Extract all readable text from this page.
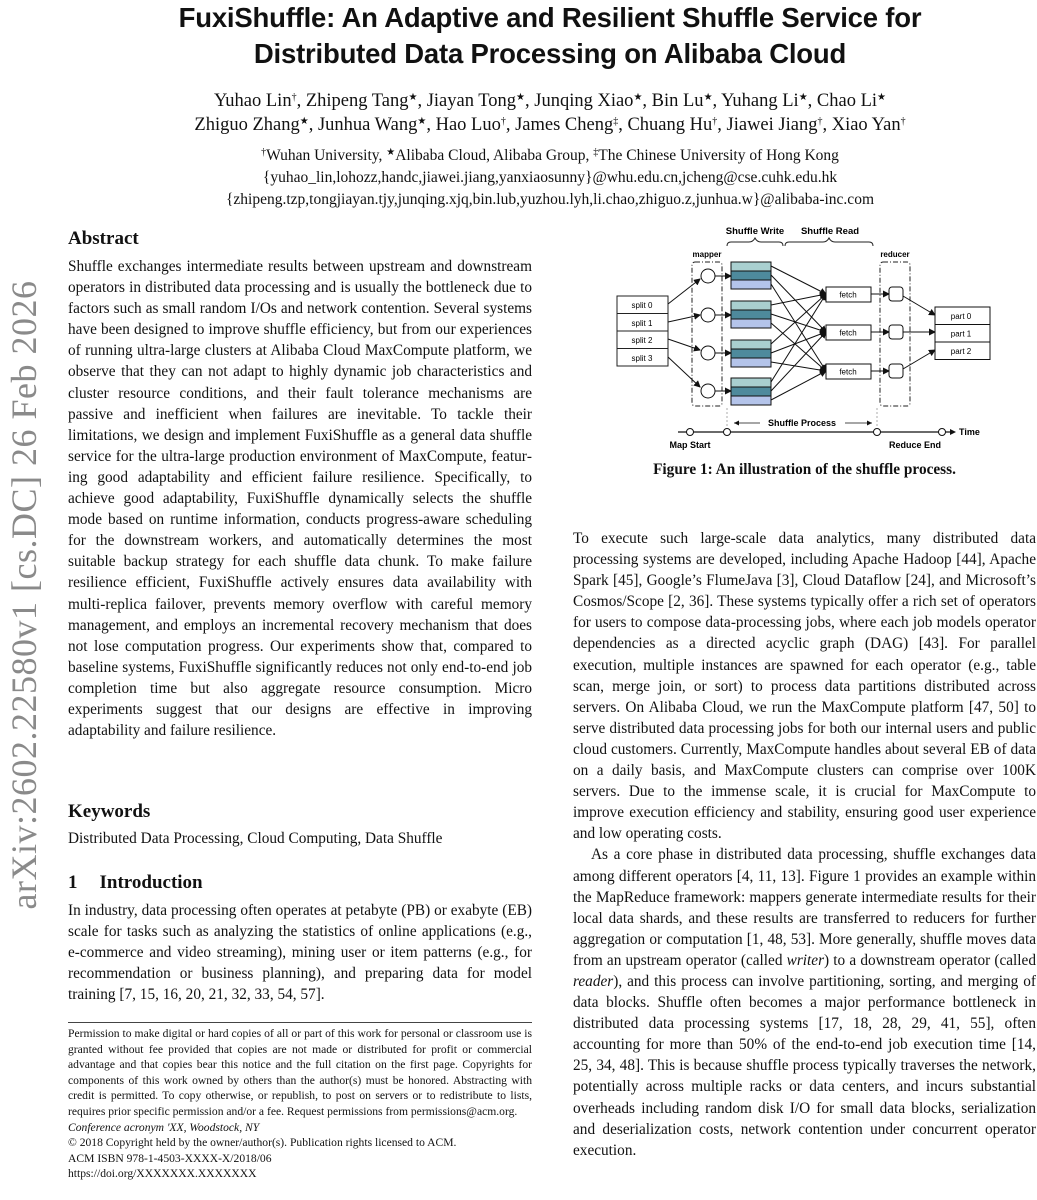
FuxiShuffle: An Adaptive and Resilient Shuffle Service for
Distributed Data Processing on Alibaba Cloud
Yuhao Lin†, Zhipeng Tang★, Jiayan Tong★, Junqing Xiao★, Bin Lu★, Yuhang Li★, Chao Li★
Zhiguo Zhang★, Junhua Wang★, Hao Luo†, James Cheng‡, Chuang Hu†, Jiawei Jiang†, Xiao Yan†
†Wuhan University, ★Alibaba Cloud, Alibaba Group, ‡The Chinese University of Hong Kong
{yuhao_lin,lohozz,handc,jiawei.jiang,yanxiaosunny}@whu.edu.cn,jcheng@cse.cuhk.edu.hk
{zhipeng.tzp,tongjiayan.tjy,junqing.xjq,bin.lub,yuzhou.lyh,li.chao,zhiguo.z,junhua.w}@alibaba-inc.com
arXiv:2602.22580v1 [cs.DC] 26 Feb 2026
Abstract

Shuffle exchanges intermediate results between upstream and downstream operators in distributed data processing and is usually the bottleneck due to factors such as small random I/Os and network contention. Several systems have been designed to improve shuffle efficiency, but from our experiences of running ultra-large clusters at Alibaba Cloud MaxCompute platform, we observe that they can not adapt to highly dynamic job characteristics and cluster resource conditions, and their fault tolerance mechanisms are passive and inefficient when failures are inevitable. To tackle their limitations, we design and implement FuxiShuffle as a general data shuffle service for the ultra-large production environment of MaxCompute, featuring good adaptability and efficient failure resilience. Specifically, to achieve good adaptability, FuxiShuffle dynamically selects the shuffle mode based on runtime information, conducts progress-aware scheduling for the downstream workers, and automatically determines the most suitable backup strategy for each shuffle data chunk. To make failure resilience efficient, FuxiShuffle actively ensures data availability with multi-replica failover, prevents memory overflow with careful memory management, and employs an incremental recovery mechanism that does not lose computation progress. Our experiments show that, compared to baseline systems, FuxiShuffle significantly reduces not only end-to-end job completion time but also aggregate resource consumption. Micro experiments suggest that our designs are effective in improving adaptability and failure resilience.

Keywords

Distributed Data Processing, Cloud Computing, Data Shuffle

1 Introduction

In industry, data processing often operates at petabyte (PB) or exabyte (EB) scale for tasks such as analyzing the statistics of online applications (e.g., e-commerce and video streaming), mining user or item patterns (e.g., for recommendation or business planning), and preparing data for model training [7, 15, 16, 20, 21, 32, 33, 54, 57].

Permission to make digital or hard copies of all or part of this work for personal or classroom use is granted without fee provided that copies are not made or distributed for profit or commercial advantage and that copies bear this notice and the full citation on the first page. Copyrights for components of this work owned by others than the author(s) must be honored. Abstracting with credit is permitted. To copy otherwise, or republish, to post on servers or to redistribute to lists, requires prior specific permission and/or a fee. Request permissions from permissions@acm.org.

Conference acronym 'XX, Woodstock, NY

© 2018 Copyright held by the owner/author(s). Publication rights licensed to ACM.

ACM ISBN 978-1-4503-XXXX-X/2018/06

https://doi.org/XXXXXXX.XXXXXXX

Shuffle Write Shuffle Read
mapper	reducer
split 0
split 1
split 2
split 3
fetch
fetch
fetch
part 0
part 1
part 2
Shuffle Process
Time
Map Start	Reduce End
Figure 1: An illustration of the shuffle process.

To execute such large-scale data analytics, many distributed data processing systems are developed, including Apache Hadoop [44], Apache Spark [45], Google’s FlumeJava [3], Cloud Dataflow [24], and Microsoft’s Cosmos/Scope [2, 36]. These systems typically offer a rich set of operators for users to compose data-processing jobs, where each job models operator dependencies as a directed acyclic graph (DAG) [43]. For parallel execution, multiple instances are spawned for each operator (e.g., table scan, merge join, or sort) to process data partitions distributed across servers. On Alibaba Cloud, we run the MaxCompute platform [47, 50] to serve distributed data processing jobs for both our internal users and public cloud customers. Currently, MaxCompute handles about several EB of data on a daily basis, and MaxCompute clusters can comprise over 100K servers. Due to the immense scale, it is crucial for MaxCompute to improve execution efficiency and stability, ensuring good user experience and low operating costs.

As a core phase in distributed data processing, shuffle exchanges data among different operators [4, 11, 13]. Figure 1 provides an example within the MapReduce framework: mappers generate intermediate results for their local data shards, and these results are transferred to reducers for further aggregation or computation [1, 48, 53]. More generally, shuffle moves data from an upstream operator (called writer) to a downstream operator (called reader), and this process can involve partitioning, sorting, and merging of data blocks. Shuffle often becomes a major performance bottleneck in distributed data processing systems [17, 18, 28, 29, 41, 55], often accounting for more than 50% of the end-to-end job execution time [14, 25, 34, 48]. This is because shuffle process typically traverses the network, potentially across multiple racks or data centers, and incurs substantial overheads including random disk I/O for small data blocks, serialization and deserialization costs, network contention under concurrent operator execution.
